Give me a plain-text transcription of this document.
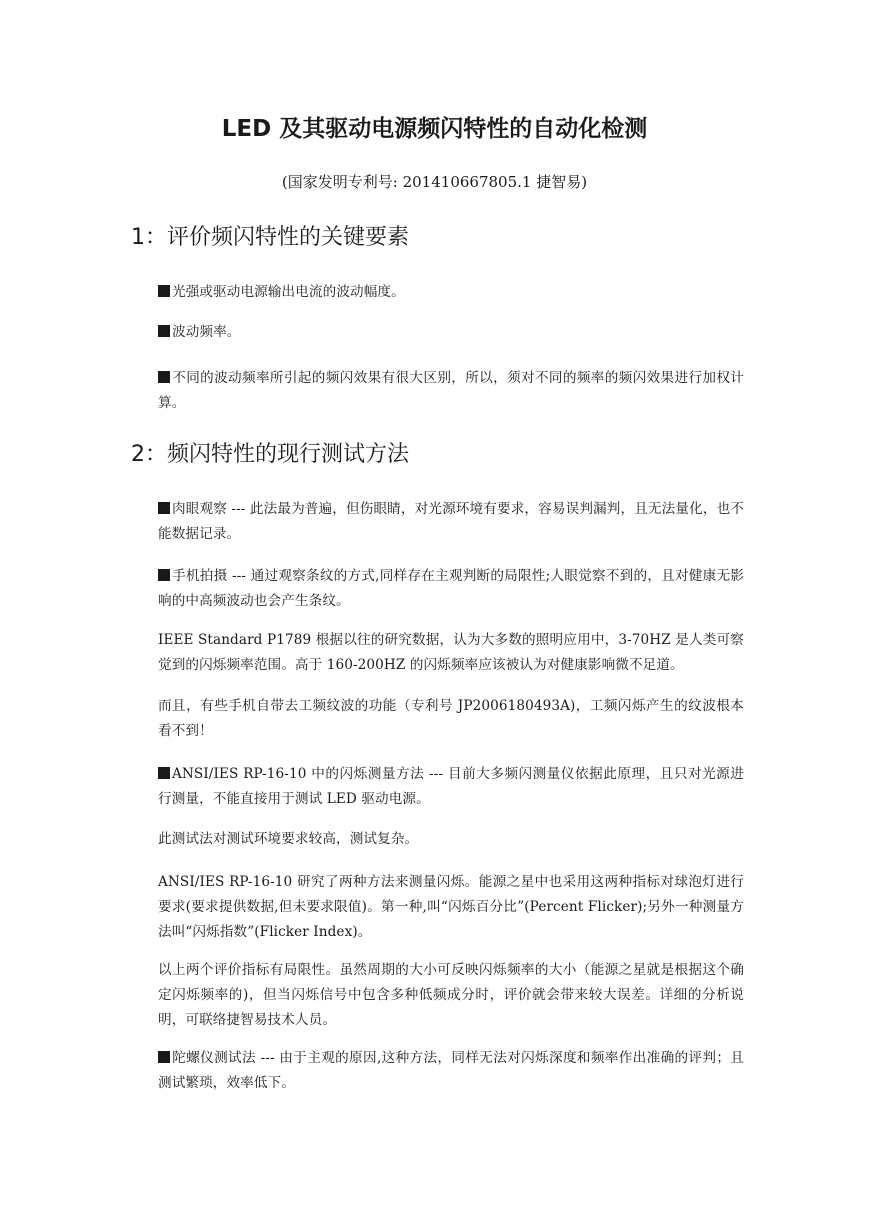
LED 及其驱动电源频闪特性的自动化检测

(国家发明专利号: 201410667805.1 捷智易)

1：评价频闪特性的关键要素

光强或驱动电源输出电流的波动幅度。

波动频率。

不同的波动频率所引起的频闪效果有很大区别，所以，须对不同的频率的频闪效果进行加权计算。

2：频闪特性的现行测试方法

肉眼观察 --- 此法最为普遍，但伤眼睛，对光源环境有要求，容易误判漏判，且无法量化，也不能数据记录。

手机拍摄 --- 通过观察条纹的方式,同样存在主观判断的局限性;人眼觉察不到的，且对健康无影响的中高频波动也会产生条纹。

IEEE Standard P1789 根据以往的研究数据，认为大多数的照明应用中，3-70HZ 是人类可察觉到的闪烁频率范围。高于 160-200HZ 的闪烁频率应该被认为对健康影响微不足道。

而且，有些手机自带去工频纹波的功能（专利号 JP2006180493A)，工频闪烁产生的纹波根本看不到！

ANSI/IES RP-16-10 中的闪烁测量方法 --- 目前大多频闪测量仪依据此原理，且只对光源进行测量，不能直接用于测试 LED 驱动电源。

此测试法对测试环境要求较高，测试复杂。

ANSI/IES RP-16-10 研究了两种方法来测量闪烁。能源之星中也采用这两种指标对球泡灯进行要求(要求提供数据,但未要求限值)。第一种,叫“闪烁百分比”(Percent Flicker);另外一种测量方法叫“闪烁指数”(Flicker Index)。

以上两个评价指标有局限性。虽然周期的大小可反映闪烁频率的大小（能源之星就是根据这个确定闪烁频率的)，但当闪烁信号中包含多种低频成分时，评价就会带来较大误差。详细的分析说明，可联络捷智易技术人员。

陀螺仪测试法 --- 由于主观的原因,这种方法，同样无法对闪烁深度和频率作出准确的评判；且测试繁琐，效率低下。
